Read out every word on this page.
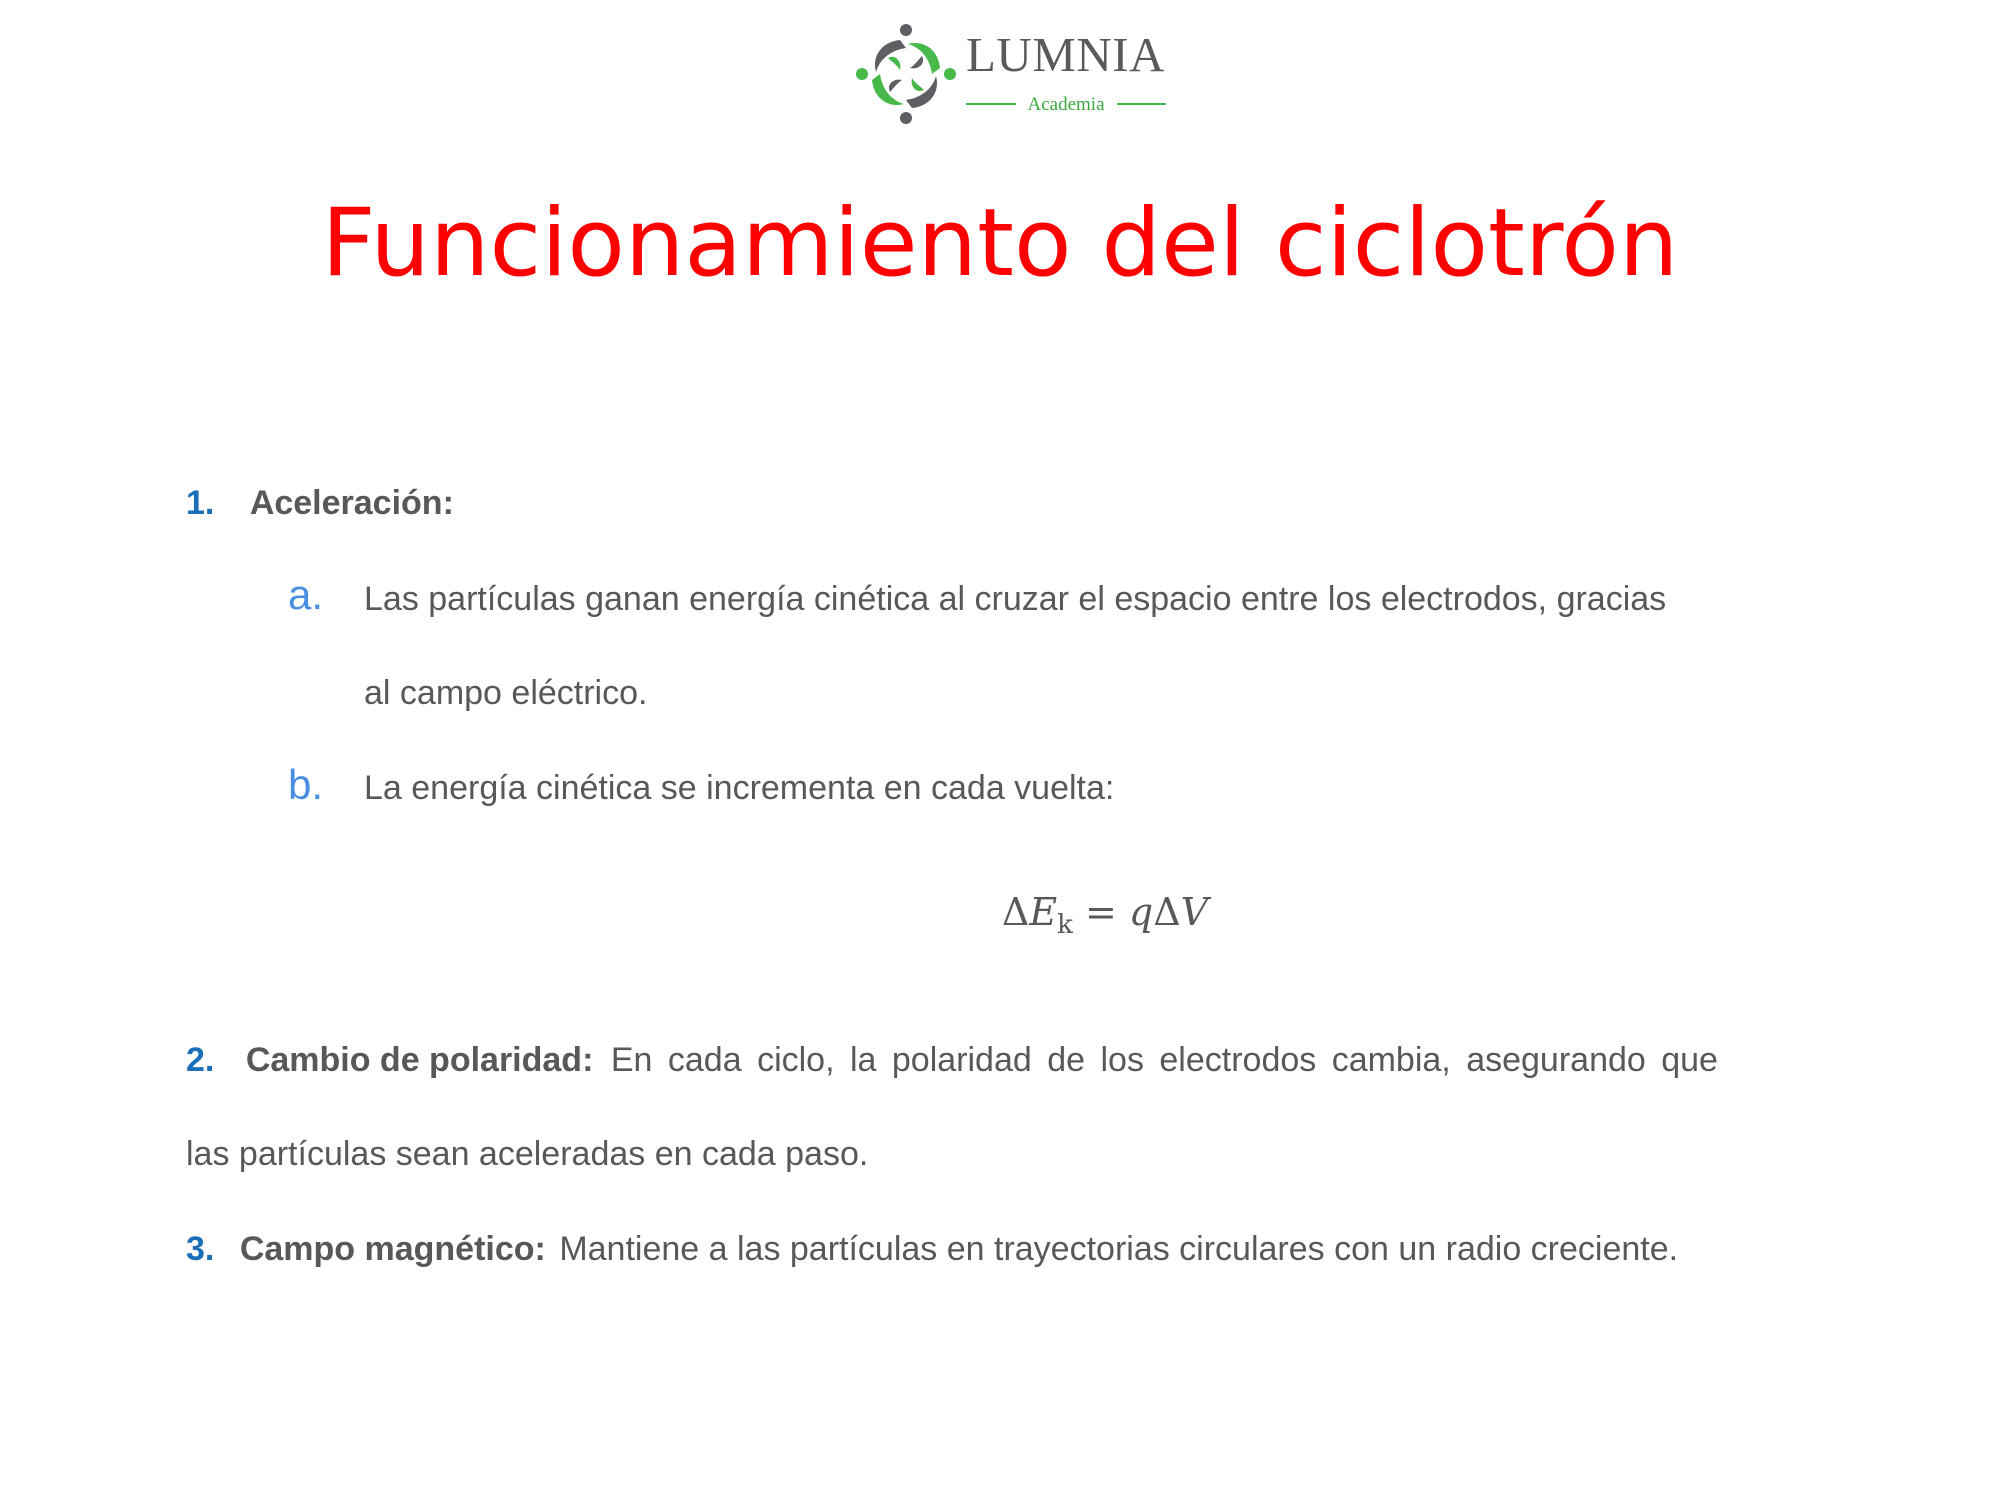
LUMNIA
Academia
Funcionamiento del ciclotrón
1. Aceleración:
a. Las partículas ganan energía cinética al cruzar el espacio entre los electrodos, gracias
al campo eléctrico.
b. La energía cinética se incrementa en cada vuelta:
$\Delta E_k = q\Delta V$
2. Cambio de polaridad: En cada ciclo, la polaridad de los electrodos cambia, asegurando que
las partículas sean aceleradas en cada paso.
3. Campo magnético: Mantiene a las partículas en trayectorias circulares con un radio creciente.
